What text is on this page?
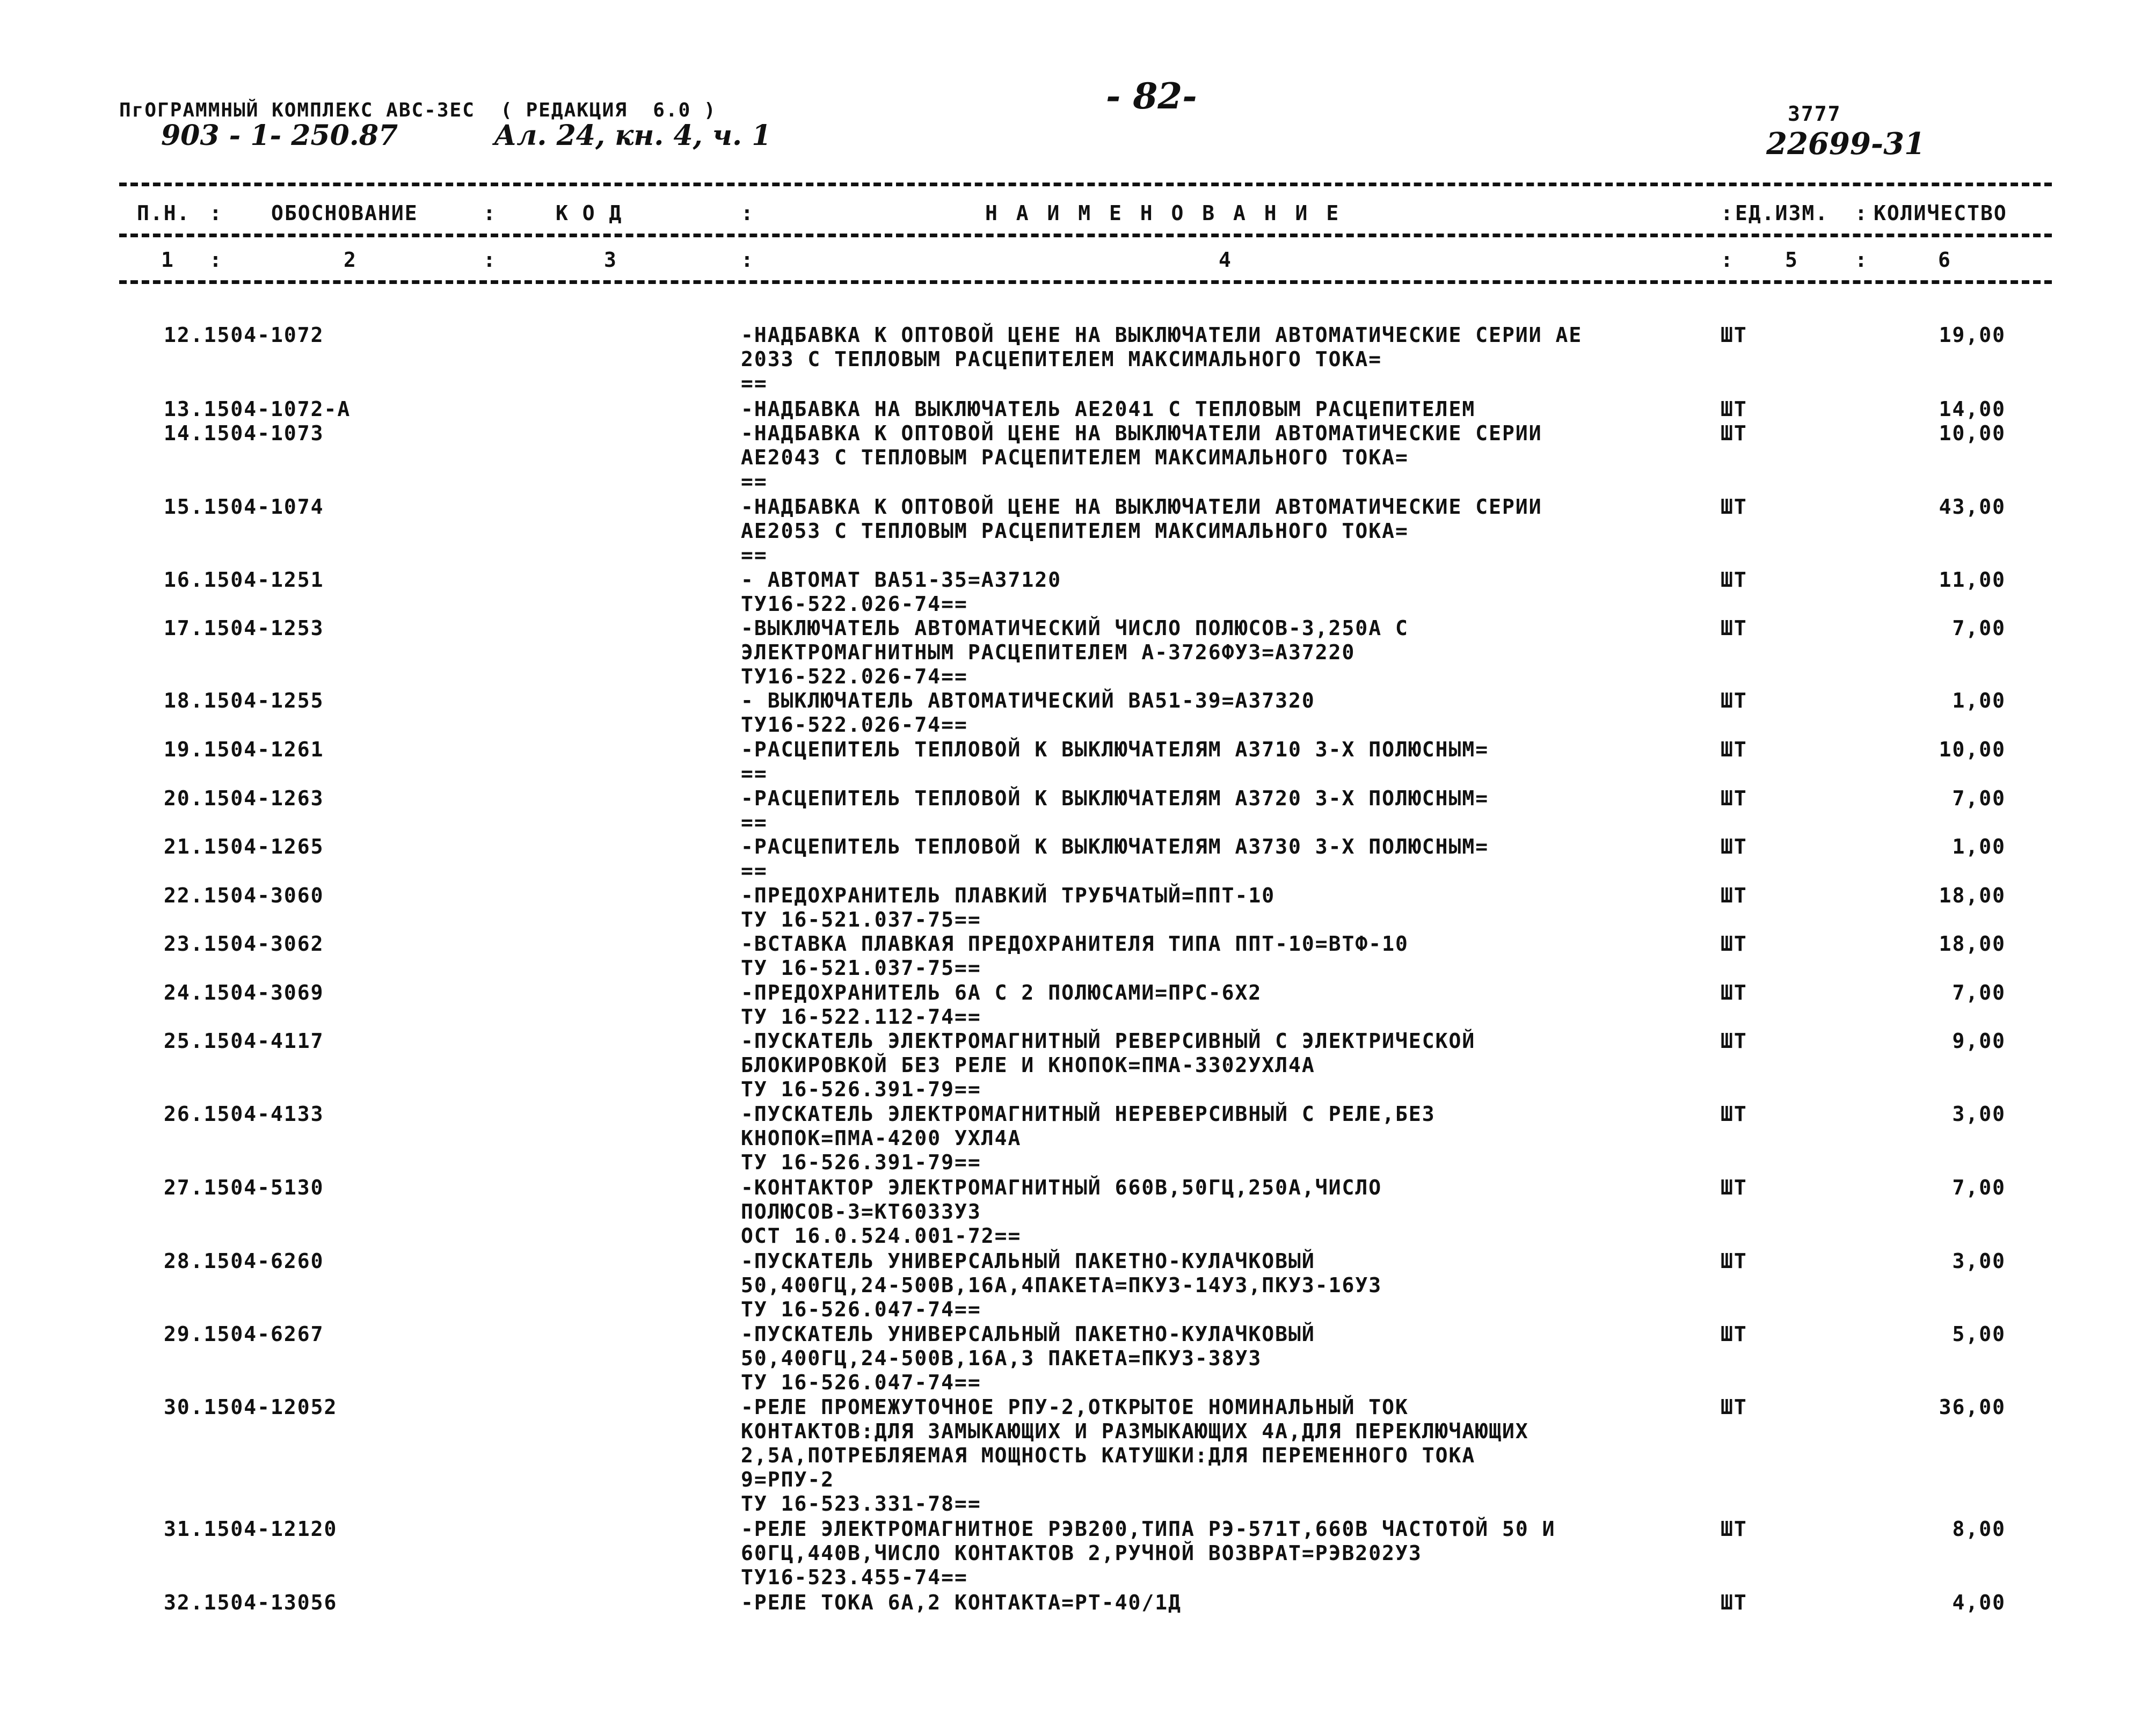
ПгОГРАММНЫЙ КОМПЛЕКС АВС-3ЕС  ( РЕДАКЦИЯ  6.0 )
903 - 1- 250.87	Ал. 24, кн. 4, ч. 1
- 82-	3777
22699-31
П.Н. : ОБОСНОВАНИЕ	:	К О Д	:	Н А И М Е Н О В А Н И Е	: ЕД.ИЗМ. : КОЛИЧЕСТВО
1 :	2	:	3	:	4	:	5	:	6
12.1504-1072	-НАДБАВКА К ОПТОВОЙ ЦЕНЕ НА ВЫКЛЮЧАТЕЛИ АВТОМАТИЧЕСКИЕ СЕРИИ АЕ
2033 С ТЕПЛОВЫМ РАСЦЕПИТЕЛЕМ МАКСИМАЛЬНОГО ТОКА=
==
ШТ	19,00
13.1504-1072-А	-НАДБАВКА НА ВЫКЛЮЧАТЕЛЬ АЕ2041 С ТЕПЛОВЫМ РАСЦЕПИТЕЛЕМ	ШТ	14,00
14.1504-1073	-НАДБАВКА К ОПТОВОЙ ЦЕНЕ НА ВЫКЛЮЧАТЕЛИ АВТОМАТИЧЕСКИЕ СЕРИИ
АЕ2043 С ТЕПЛОВЫМ РАСЦЕПИТЕЛЕМ МАКСИМАЛЬНОГО ТОКА=
==
ШТ	10,00
15.1504-1074	-НАДБАВКА К ОПТОВОЙ ЦЕНЕ НА ВЫКЛЮЧАТЕЛИ АВТОМАТИЧЕСКИЕ СЕРИИ
АЕ2053 С ТЕПЛОВЫМ РАСЦЕПИТЕЛЕМ МАКСИМАЛЬНОГО ТОКА=
==
ШТ	43,00
16.1504-1251	- АВТОМАТ ВА51-35=А37120
ТУ16-522.026-74==
ШТ	11,00
17.1504-1253	-ВЫКЛЮЧАТЕЛЬ АВТОМАТИЧЕСКИЙ ЧИСЛО ПОЛЮСОВ-3,250А С
ЭЛЕКТРОМАГНИТНЫМ РАСЦЕПИТЕЛЕМ А-3726ФУ3=А37220
ТУ16-522.026-74==
ШТ	7,00
18.1504-1255	- ВЫКЛЮЧАТЕЛЬ АВТОМАТИЧЕСКИЙ ВА51-39=А37320
ТУ16-522.026-74==
ШТ	1,00
19.1504-1261	-РАСЦЕПИТЕЛЬ ТЕПЛОВОЙ К ВЫКЛЮЧАТЕЛЯМ А3710 3-Х ПОЛЮСНЫМ=
==
ШТ	10,00
20.1504-1263	-РАСЦЕПИТЕЛЬ ТЕПЛОВОЙ К ВЫКЛЮЧАТЕЛЯМ А3720 3-Х ПОЛЮСНЫМ=
==
ШТ	7,00
21.1504-1265	-РАСЦЕПИТЕЛЬ ТЕПЛОВОЙ К ВЫКЛЮЧАТЕЛЯМ А3730 3-Х ПОЛЮСНЫМ=
==
ШТ	1,00
22.1504-3060	-ПРЕДОХРАНИТЕЛЬ ПЛАВКИЙ ТРУБЧАТЫЙ=ППТ-10
ТУ 16-521.037-75==
ШТ	18,00
23.1504-3062	-ВСТАВКА ПЛАВКАЯ ПРЕДОХРАНИТЕЛЯ ТИПА ППТ-10=ВТФ-10
ТУ 16-521.037-75==
ШТ	18,00
24.1504-3069	-ПРЕДОХРАНИТЕЛЬ 6А С 2 ПОЛЮСАМИ=ПРС-6Х2
ТУ 16-522.112-74==
ШТ	7,00
25.1504-4117	-ПУСКАТЕЛЬ ЭЛЕКТРОМАГНИТНЫЙ РЕВЕРСИВНЫЙ С ЭЛЕКТРИЧЕСКОЙ
БЛОКИРОВКОЙ БЕЗ РЕЛЕ И КНОПОК=ПМА-3302УХЛ4А
ТУ 16-526.391-79==
ШТ	9,00
26.1504-4133	-ПУСКАТЕЛЬ ЭЛЕКТРОМАГНИТНЫЙ НЕРЕВЕРСИВНЫЙ С РЕЛЕ,БЕЗ
КНОПОК=ПМА-4200 УХЛ4А
ТУ 16-526.391-79==
ШТ	3,00
27.1504-5130	-КОНТАКТОР ЭЛЕКТРОМАГНИТНЫЙ 660В,50ГЦ,250А,ЧИСЛО
ПОЛЮСОВ-3=КТ6033У3
ОСТ 16.0.524.001-72==
ШТ	7,00
28.1504-6260	-ПУСКАТЕЛЬ УНИВЕРСАЛЬНЫЙ ПАКЕТНО-КУЛАЧКОВЫЙ
50,400ГЦ,24-500В,16А,4ПАКЕТА=ПКУ3-14У3,ПКУ3-16У3
ТУ 16-526.047-74==
ШТ	3,00
29.1504-6267	-ПУСКАТЕЛЬ УНИВЕРСАЛЬНЫЙ ПАКЕТНО-КУЛАЧКОВЫЙ
50,400ГЦ,24-500В,16А,3 ПАКЕТА=ПКУ3-38У3
ТУ 16-526.047-74==
ШТ	5,00
30.1504-12052	-РЕЛЕ ПРОМЕЖУТОЧНОЕ РПУ-2,ОТКРЫТОЕ НОМИНАЛЬНЫЙ ТОК
КОНТАКТОВ:ДЛЯ ЗАМЫКАЮЩИХ И РАЗМЫКАЮЩИХ 4А,ДЛЯ ПЕРЕКЛЮЧАЮЩИХ
2,5А,ПОТРЕБЛЯЕМАЯ МОЩНОСТЬ КАТУШКИ:ДЛЯ ПЕРЕМЕННОГО ТОКА
9=РПУ-2
ТУ 16-523.331-78==
ШТ	36,00
31.1504-12120	-РЕЛЕ ЭЛЕКТРОМАГНИТНОЕ РЭВ200,ТИПА РЭ-571Т,660В ЧАСТОТОЙ 50 И
60ГЦ,440В,ЧИСЛО КОНТАКТОВ 2,РУЧНОЙ ВОЗВРАТ=РЭВ202У3
ТУ16-523.455-74==
ШТ	8,00
32.1504-13056	-РЕЛЕ ТОКА 6А,2 КОНТАКТА=РТ-40/1Д	ШТ	4,00
